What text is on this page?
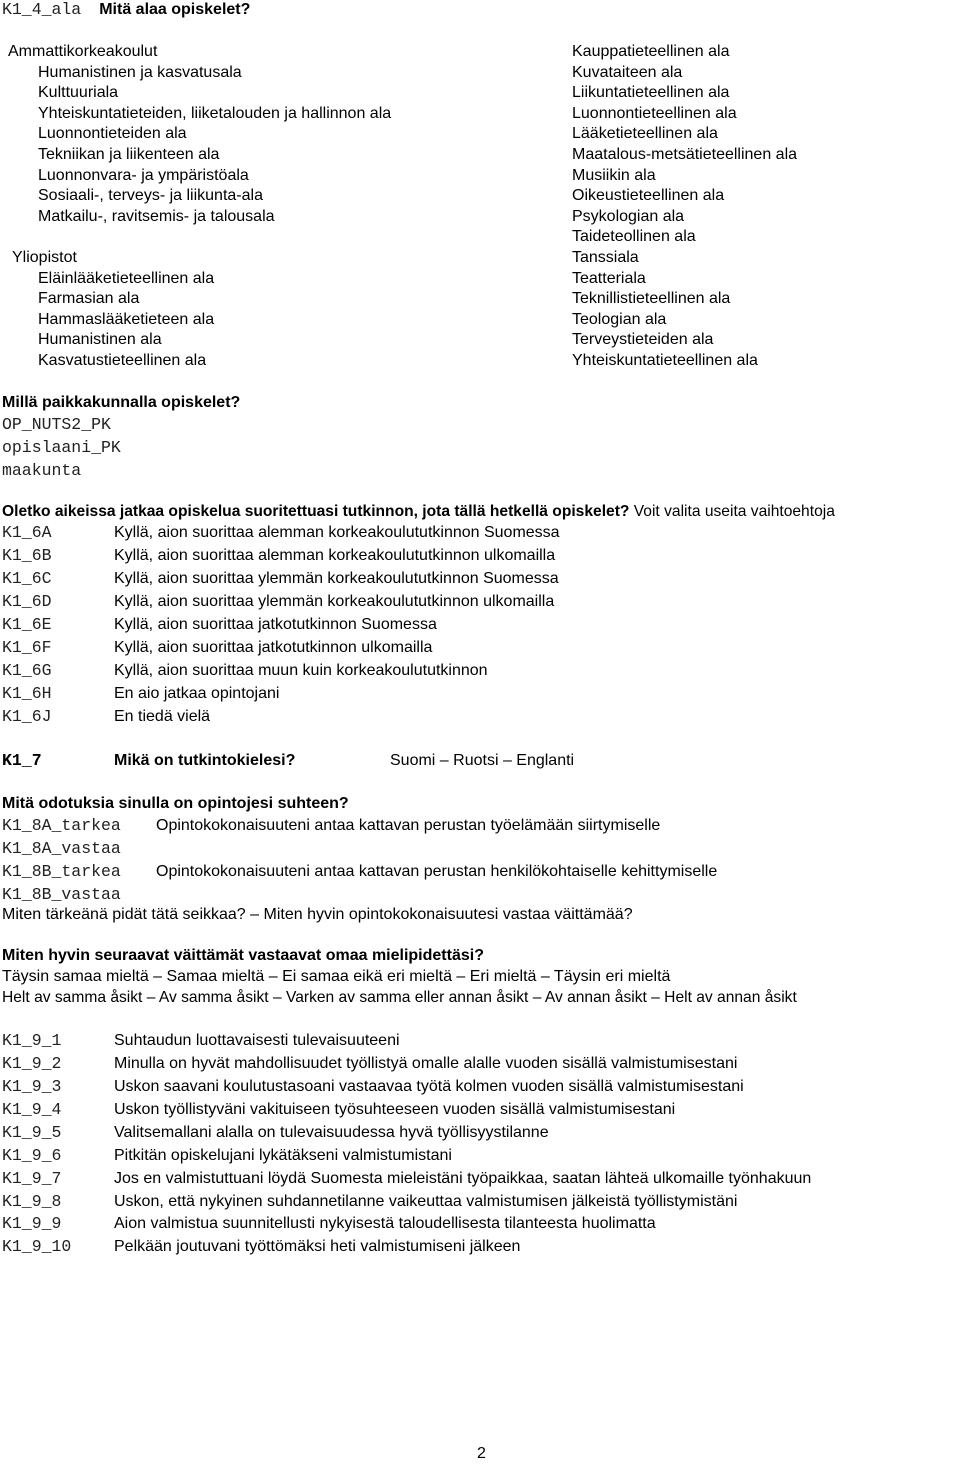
K1_4_ala Mitä alaa opiskelet?
Ammattikorkeakoulut
Humanistinen ja kasvatusala
Kulttuuriala
Yhteiskuntatieteiden, liiketalouden ja hallinnon ala
Luonnontieteiden ala
Tekniikan ja liikenteen ala
Luonnonvara- ja ympäristöala
Sosiaali-, terveys- ja liikunta-ala
Matkailu-, ravitsemis- ja talousala
Yliopistot
Eläinlääketieteellinen ala
Farmasian ala
Hammaslääketieteen ala
Humanistinen ala
Kasvatustieteellinen ala
Kauppatieteellinen ala
Kuvataiteen ala
Liikuntatieteellinen ala
Luonnontieteellinen ala
Lääketieteellinen ala
Maatalous-metsätieteellinen ala
Musiikin ala
Oikeustieteellinen ala
Psykologian ala
Taideteollinen ala
Tanssiala
Teatteriala
Teknillistieteellinen ala
Teologian ala
Terveystieteiden ala
Yhteiskuntatieteellinen ala
Millä paikkakunnalla opiskelet?
OP_NUTS2_PK
opislaani_PK
maakunta
Oletko aikeissa jatkaa opiskelua suoritettuasi tutkinnon, jota tällä hetkellä opiskelet? Voit valita useita vaihtoehtoja
K1_6A	Kyllä, aion suorittaa alemman korkeakoulututkinnon Suomessa
K1_6B	Kyllä, aion suorittaa alemman korkeakoulututkinnon ulkomailla
K1_6C	Kyllä, aion suorittaa ylemmän korkeakoulututkinnon Suomessa
K1_6D	Kyllä, aion suorittaa ylemmän korkeakoulututkinnon ulkomailla
K1_6E	Kyllä, aion suorittaa jatkotutkinnon Suomessa
K1_6F	Kyllä, aion suorittaa jatkotutkinnon ulkomailla
K1_6G	Kyllä, aion suorittaa muun kuin korkeakoulututkinnon
K1_6H	En aio jatkaa opintojani
K1_6J	En tiedä vielä
K1_7	Mikä on tutkintokielesi?	Suomi – Ruotsi – Englanti
Mitä odotuksia sinulla on opintojesi suhteen?
K1_8A_tarkea Opintokokonaisuuteni antaa kattavan perustan työelämään siirtymiselle
K1_8A_vastaa
K1_8B_tarkea Opintokokonaisuuteni antaa kattavan perustan henkilökohtaiselle kehittymiselle
K1_8B_vastaa
Miten tärkeänä pidät tätä seikkaa? – Miten hyvin opintokokonaisuutesi vastaa väittämää?
Miten hyvin seuraavat väittämät vastaavat omaa mielipidettäsi?
Täysin samaa mieltä – Samaa mieltä – Ei samaa eikä eri mieltä – Eri mieltä – Täysin eri mieltä
Helt av samma åsikt – Av samma åsikt – Varken av samma eller annan åsikt – Av annan åsikt – Helt av annan åsikt
K1_9_1	Suhtaudun luottavaisesti tulevaisuuteeni
K1_9_2	Minulla on hyvät mahdollisuudet työllistyä omalle alalle vuoden sisällä valmistumisestani
K1_9_3	Uskon saavani koulutustasoani vastaavaa työtä kolmen vuoden sisällä valmistumisestani
K1_9_4	Uskon työllistyväni vakituiseen työsuhteeseen vuoden sisällä valmistumisestani
K1_9_5	Valitsemallani alalla on tulevaisuudessa hyvä työllisyystilanne
K1_9_6	Pitkitän opiskelujani lykätäkseni valmistumistani
K1_9_7	Jos en valmistuttuani löydä Suomesta mieleistäni työpaikkaa, saatan lähteä ulkomaille työnhakuun
K1_9_8	Uskon, että nykyinen suhdannetilanne vaikeuttaa valmistumisen jälkeistä työllistymistäni
K1_9_9	Aion valmistua suunnitellusti nykyisestä taloudellisesta tilanteesta huolimatta
K1_9_10	Pelkään joutuvani työttömäksi heti valmistumiseni jälkeen
2
